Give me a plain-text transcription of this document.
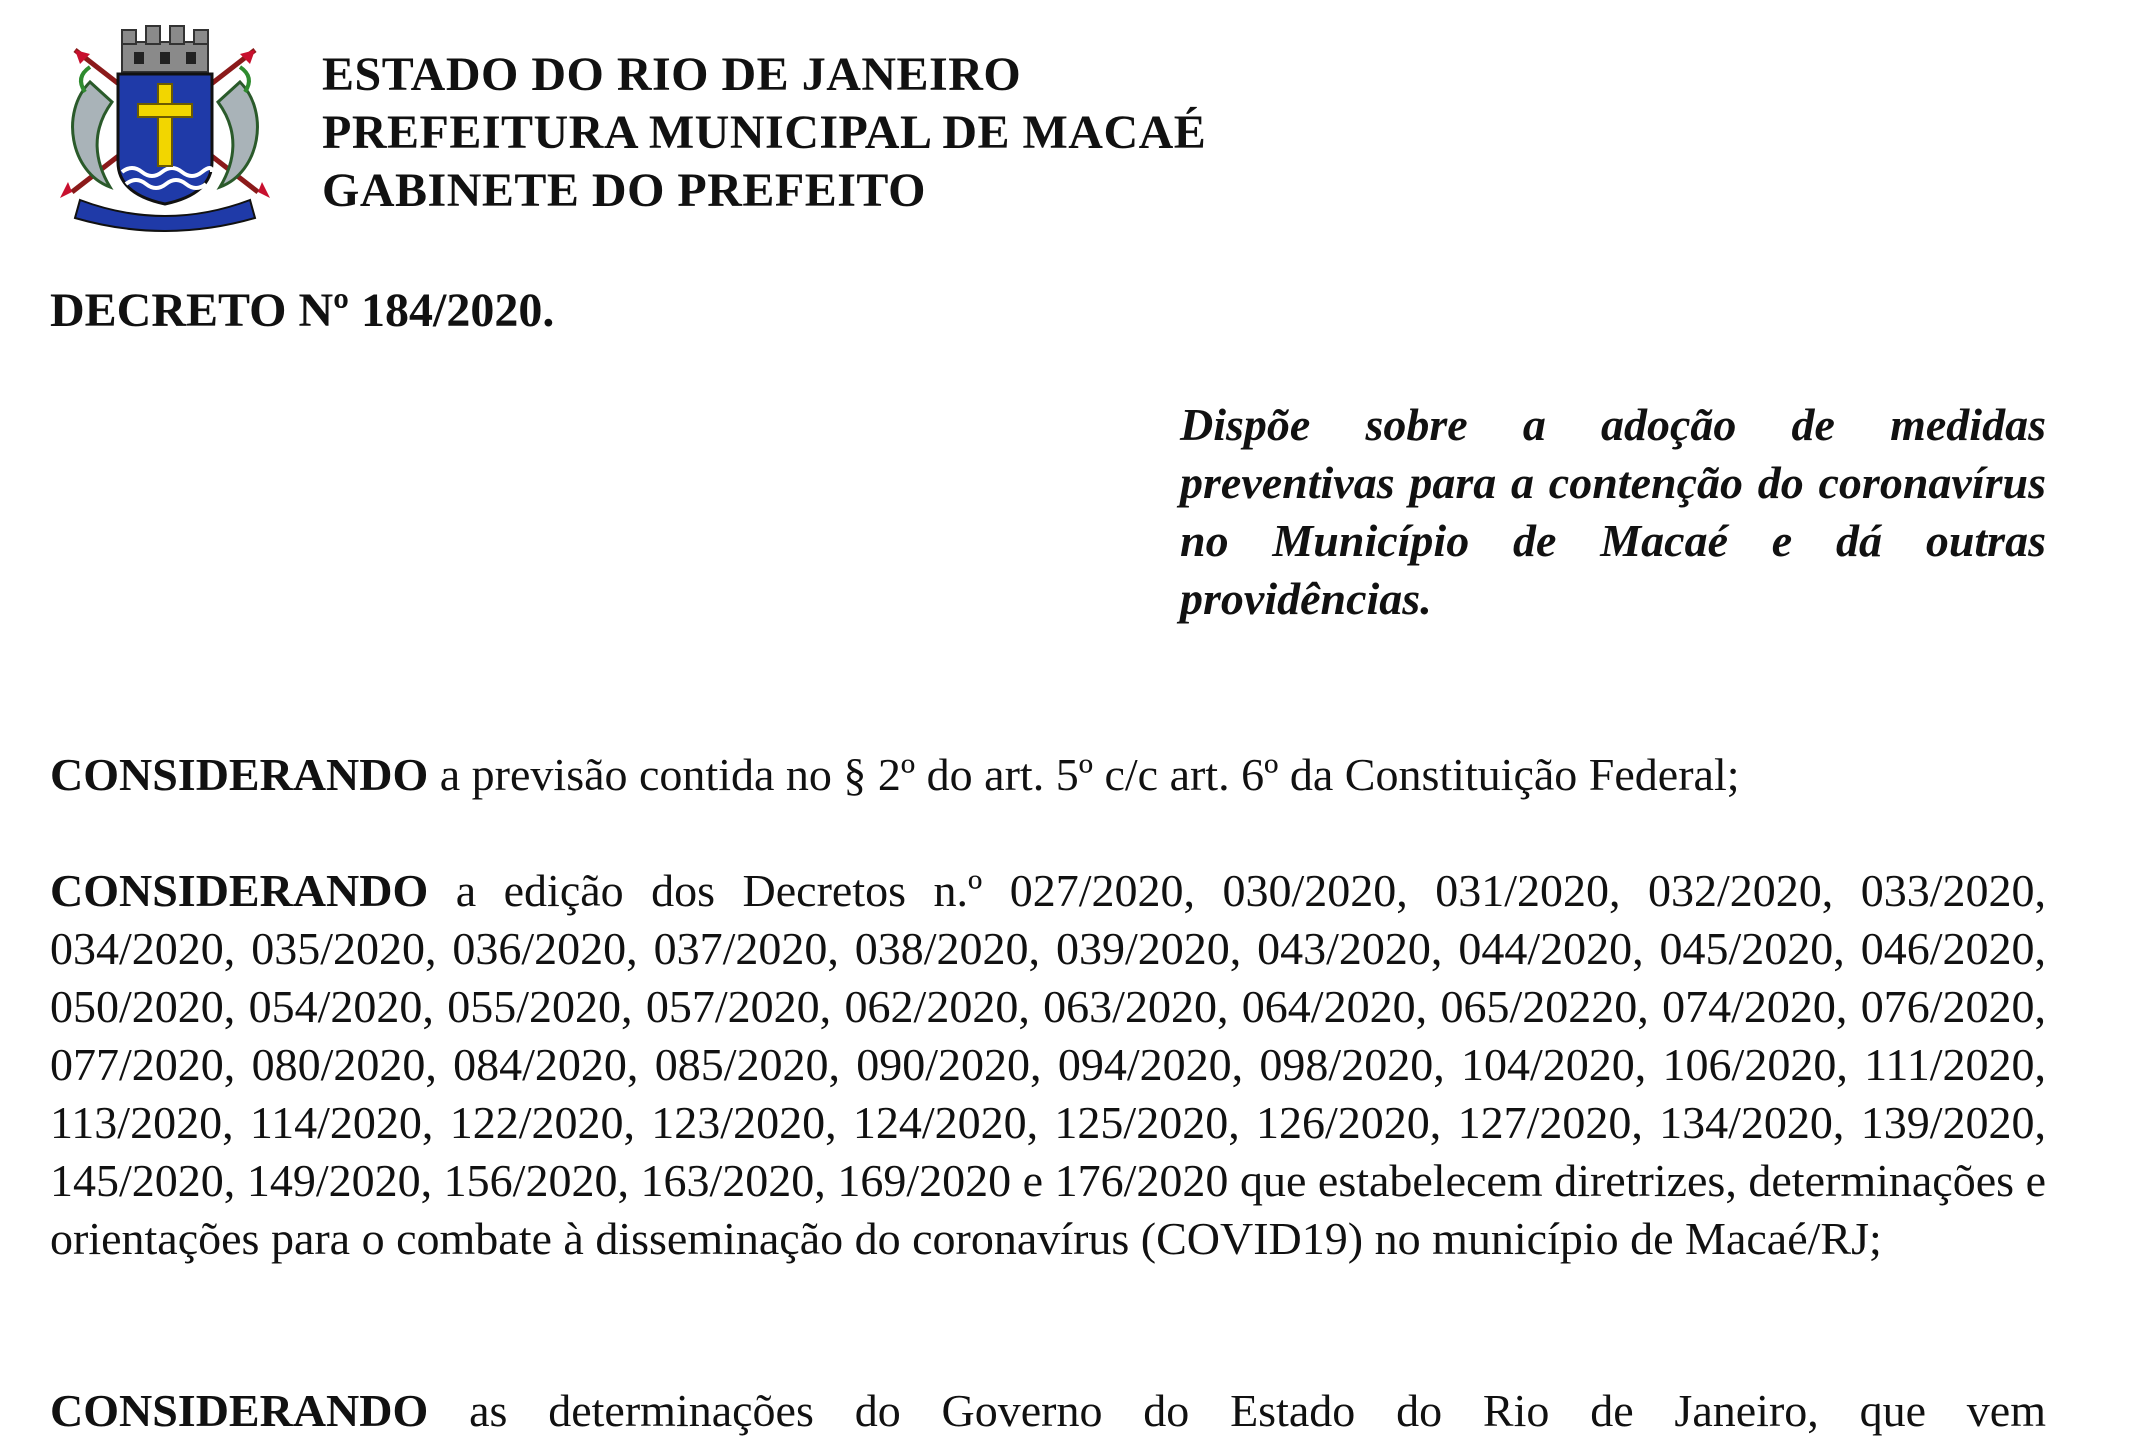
ESTADO DO RIO DE JANEIRO
PREFEITURA MUNICIPAL DE MACAÉ
GABINETE DO PREFEITO
DECRETO Nº 184/2020.
Dispõe sobre a adoção de medidas preventivas para a contenção do coronavírus no Município de Macaé e dá outras providências.
CONSIDERANDO a previsão contida no § 2º do art. 5º c/c art. 6º da Constituição Federal;
CONSIDERANDO a edição dos Decretos n.º 027/2020, 030/2020, 031/2020, 032/2020, 033/2020, 034/2020, 035/2020, 036/2020, 037/2020, 038/2020, 039/2020, 043/2020, 044/2020, 045/2020, 046/2020, 050/2020, 054/2020, 055/2020, 057/2020, 062/2020, 063/2020, 064/2020, 065/20220, 074/2020, 076/2020, 077/2020, 080/2020, 084/2020, 085/2020, 090/2020, 094/2020, 098/2020, 104/2020, 106/2020, 111/2020, 113/2020, 114/2020, 122/2020, 123/2020, 124/2020, 125/2020, 126/2020, 127/2020, 134/2020, 139/2020, 145/2020, 149/2020, 156/2020, 163/2020, 169/2020 e 176/2020 que estabelecem diretrizes, determinações e orientações para o combate à disseminação do coronavírus (COVID19) no município de Macaé/RJ;
CONSIDERANDO as determinações do Governo do Estado do Rio de Janeiro, que vem
